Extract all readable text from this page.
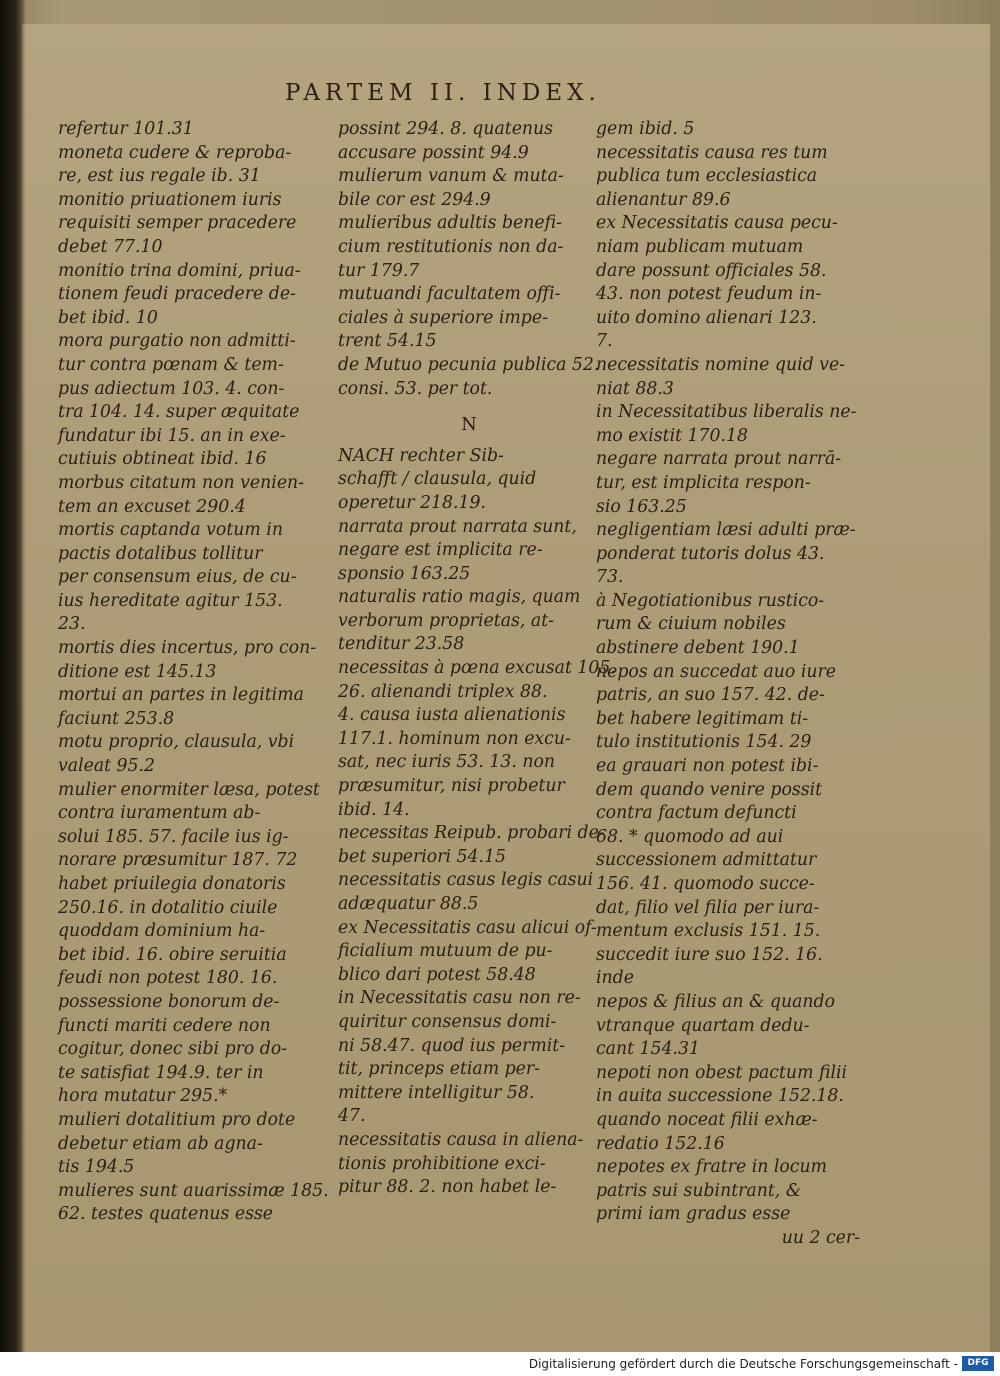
PARTEM II. INDEX.
refertur 101.31
moneta cudere & reproba-
re, est ius regale ib. 31
monitio priuationem iuris
requisiti semper pracedere
debet 77.10
monitio trina domini, priua-
tionem feudi pracedere de-
bet ibid. 10
mora purgatio non admitti-
tur contra pœnam & tem-
pus adiectum 103. 4. con-
tra 104. 14. super æquitate
fundatur ibi 15. an in exe-
cutiuis obtineat ibid. 16
morbus citatum non venien-
tem an excuset 290.4
mortis captanda votum in
pactis dotalibus tollitur
per consensum eius, de cu-
ius hereditate agitur 153.
23.
mortis dies incertus, pro con-
ditione est 145.13
mortui an partes in legitima
faciunt 253.8
motu proprio, clausula, vbi
valeat 95.2
mulier enormiter læsa, potest
contra iuramentum ab-
solui 185. 57. facile ius ig-
norare præsumitur 187. 72
habet priuilegia donatoris
250.16. in dotalitio ciuile
quoddam dominium ha-
bet ibid. 16. obire seruitia
feudi non potest 180. 16.
possessione bonorum de-
functi mariti cedere non
cogitur, donec sibi pro do-
te satisfiat 194.9. ter in
hora mutatur 295.*
mulieri dotalitium pro dote
debetur etiam ab agna-
tis 194.5
mulieres sunt auarissimæ 185.
62. testes quatenus esse
possint 294. 8. quatenus
accusare possint 94.9
mulierum vanum & muta-
bile cor est 294.9
mulieribus adultis benefi-
cium restitutionis non da-
tur 179.7
mutuandi facultatem offi-
ciales à superiore impe-
trent 54.15
de Mutuo pecunia publica 52.
consi. 53. per tot.
N
NACH rechter Sib-
schafft / clausula, quid
operetur 218.19.
narrata prout narrata sunt,
negare est implicita re-
sponsio 163.25
naturalis ratio magis, quam
verborum proprietas, at-
tenditur 23.58
necessitas à pœna excusat 105.
26. alienandi triplex 88.
4. causa iusta alienationis
117.1. hominum non excu-
sat, nec iuris 53. 13. non
præsumitur, nisi probetur
ibid. 14.
necessitas Reipub. probari de-
bet superiori 54.15
necessitatis casus legis casui
adæquatur 88.5
ex Necessitatis casu alicui of-
ficialium mutuum de pu-
blico dari potest 58.48
in Necessitatis casu non re-
quiritur consensus domi-
ni 58.47. quod ius permit-
tit, princeps etiam per-
mittere intelligitur 58.
47.
necessitatis causa in aliena-
tionis prohibitione exci-
pitur 88. 2. non habet le-
gem ibid. 5
necessitatis causa res tum
publica tum ecclesiastica
alienantur 89.6
ex Necessitatis causa pecu-
niam publicam mutuam
dare possunt officiales 58.
43. non potest feudum in-
uito domino alienari 123.
7.
necessitatis nomine quid ve-
niat 88.3
in Necessitatibus liberalis ne-
mo existit 170.18
negare narrata prout narrā-
tur, est implicita respon-
sio 163.25
negligentiam læsi adulti præ-
ponderat tutoris dolus 43.
73.
à Negotiationibus rustico-
rum & ciuium nobiles
abstinere debent 190.1
nepos an succedat auo iure
patris, an suo 157. 42. de-
bet habere legitimam ti-
tulo institutionis 154. 29
ea grauari non potest ibi-
dem quando venire possit
contra factum defuncti
68. * quomodo ad aui
successionem admittatur
156. 41. quomodo succe-
dat, filio vel filia per iura-
mentum exclusis 151. 15.
succedit iure suo 152. 16.
inde
nepos & filius an & quando
vtranque quartam dedu-
cant 154.31
nepoti non obest pactum filii
in auita successione 152.18.
quando noceat filii exhæ-
redatio 152.16
nepotes ex fratre in locum
patris sui subintrant, &
primi iam gradus esse
uu 2 cer-
Digitalisierung gefördert durch die Deutsche Forschungsgemeinschaft -	DFG
